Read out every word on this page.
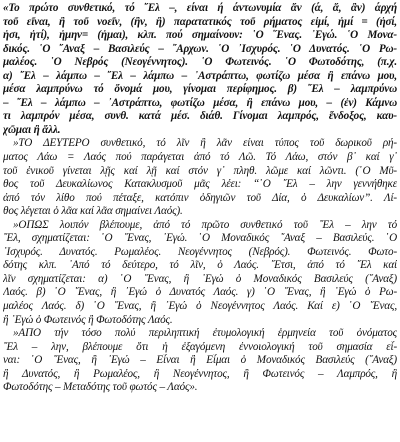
«Το πρώτο συνθετικό, τό ῎Ελ –, είναι ή άντωνυμία ἄν (ά, ἄ, ἂν) άρχή
τοῦ εῖναι, ἢ τοῦ νοεῖν, (ἢν, ἢ) παρατατικός τοῦ ρήματος εἰμί, ἠμί = (ἠσί,
ἠσι, ἠτί), ἠμην= (ἠμαι), κλπ. πού σημαίνουν: ῾Ο ῞Ενας. ᾽Εγώ. ῾Ο Μονα-
δικός. ῾Ο ῎Αναξ – Βασιλεύς – ῎Αρχων. ῾Ο ᾽Ισχυρός. ῾Ο Δυνατός. ῾Ο Ρω-
μαλέος. ῾Ο Νεβρός (Νεογέννητος). ῾Ο Φωτεινός. ῾Ο Φωτοδότης, (π.χ.
α) ῎Ελ – λάμπω – ῎Ελ – λάμπω – ᾽Αστράπτω, φωτίζω μέσα ἢ επάνω μου,
μέσα λαμπρύνω τό ὄνομά μου, γίνομαι περίφημος. β) ῎Ελ – λαμπρύνω
– ῎Ελ – λάμπω – ᾽Αστράπτω, φωτίζω μέσα, ἢ επάνω μου, – (ἐν) Κάμνω
τι λαμπρόν μέσα, συνθ. κατά μέσ. διάθ. Γίνομαι λαμπρός, ἔνδοξος, καυ-
χῶμαι ἢ ἄλλ.
»ΤΟ ΔΕΥΤΕΡΟ συνθετικό, τό λῖν ἢ λᾶν είναι τύπος τοῦ δωρικοῦ ρή-
ματος Λάω = Λαός πού παράγεται ἀπό τό Λῶ. Τό Λάω, στόν β᾽ καί γ᾽
τοῦ ἑνικοῦ γίνεται λῇς καί λῇ καί στόν γ᾽ πληθ. λῶμε καί λῶντι. (῾Ο Μῦ-
θος τοῦ Δευκαλίωνος Κατακλυσμοῦ μᾶς λέει: “῾Ο ῎Ελ – λην γεννήθηκε
ἀπό τόν λίθο πού πέταξε, κατόπιν ὁδηγιῶν τοῦ Δία, ὁ Δευκαλίων”. Λί-
θος λέγεται ὁ λᾶα καί λᾶα σημαίνει Λαός).
»ΟΠΩΣ λοιπόν βλέπουμε, ἀπό τό πρῶτο συνθετικό τοῦ ῎Ελ – λην τό
῎Ελ, σχηματίζεται: ῾Ο ῞Ενας, ᾽Εγώ. ῾Ο Μοναδικός ῎Αναξ – Βασιλεύς. ῾Ο
᾽Ισχυρός. Δυνατός. Ρωμαλέος. Νεογέννητος (Νεβρός). Φωτεινός. Φωτο-
δότης κλπ. ᾽Από τό δεύτερο, τό λῖν, ὁ Λαός. ῎Ετσι, ἀπό τό ῎Ελ καί
λῖν σχηματίζεται: α) ῾Ο ῞Ενας, ἢ ᾽Εγώ ὁ Μοναδικός Βασιλεύς (῎Αναξ)
Λαός. β) ῾Ο ῞Ενας, ἢ ᾽Εγώ ὁ Δυνατός Λαός. γ) ῾Ο ῞Ενας, ἢ ᾽Εγώ ὁ Ρω-
μαλέος Λαός. δ) ῾Ο ῞Ενας, ἢ ᾽Εγώ ὁ Νεογέννητος Λαός. Καί ε) ῾Ο ῞Ενας,
ἢ ᾽Εγώ ὁ Φωτεινός ἢ Φωτοδότης Λαός.
»ΑΠΟ τήν τόσο πολύ περιληπτική ἐτυμολογική ἑρμηνεία τοῦ ὀνόματος
῎Ελ – λην, βλέπουμε ὅτι ἡ ἐξαγόμενη ἐννοιολογική τοῦ σημασία εἶ-
ναι: ῾Ο ῞Ενας, ἢ ᾽Εγώ – Εἶναι ἢ Εἶμαι ὁ Μοναδικός Βασιλεύς (῎Αναξ)
ἢ Δυνατός, ἢ Ρωμαλέος, ἢ Νεογέννητος, ἢ Φωτεινός – Λαμπρός, ἢ
Φωτοδότης – Μεταδότης τοῦ φωτός – Λαός».
